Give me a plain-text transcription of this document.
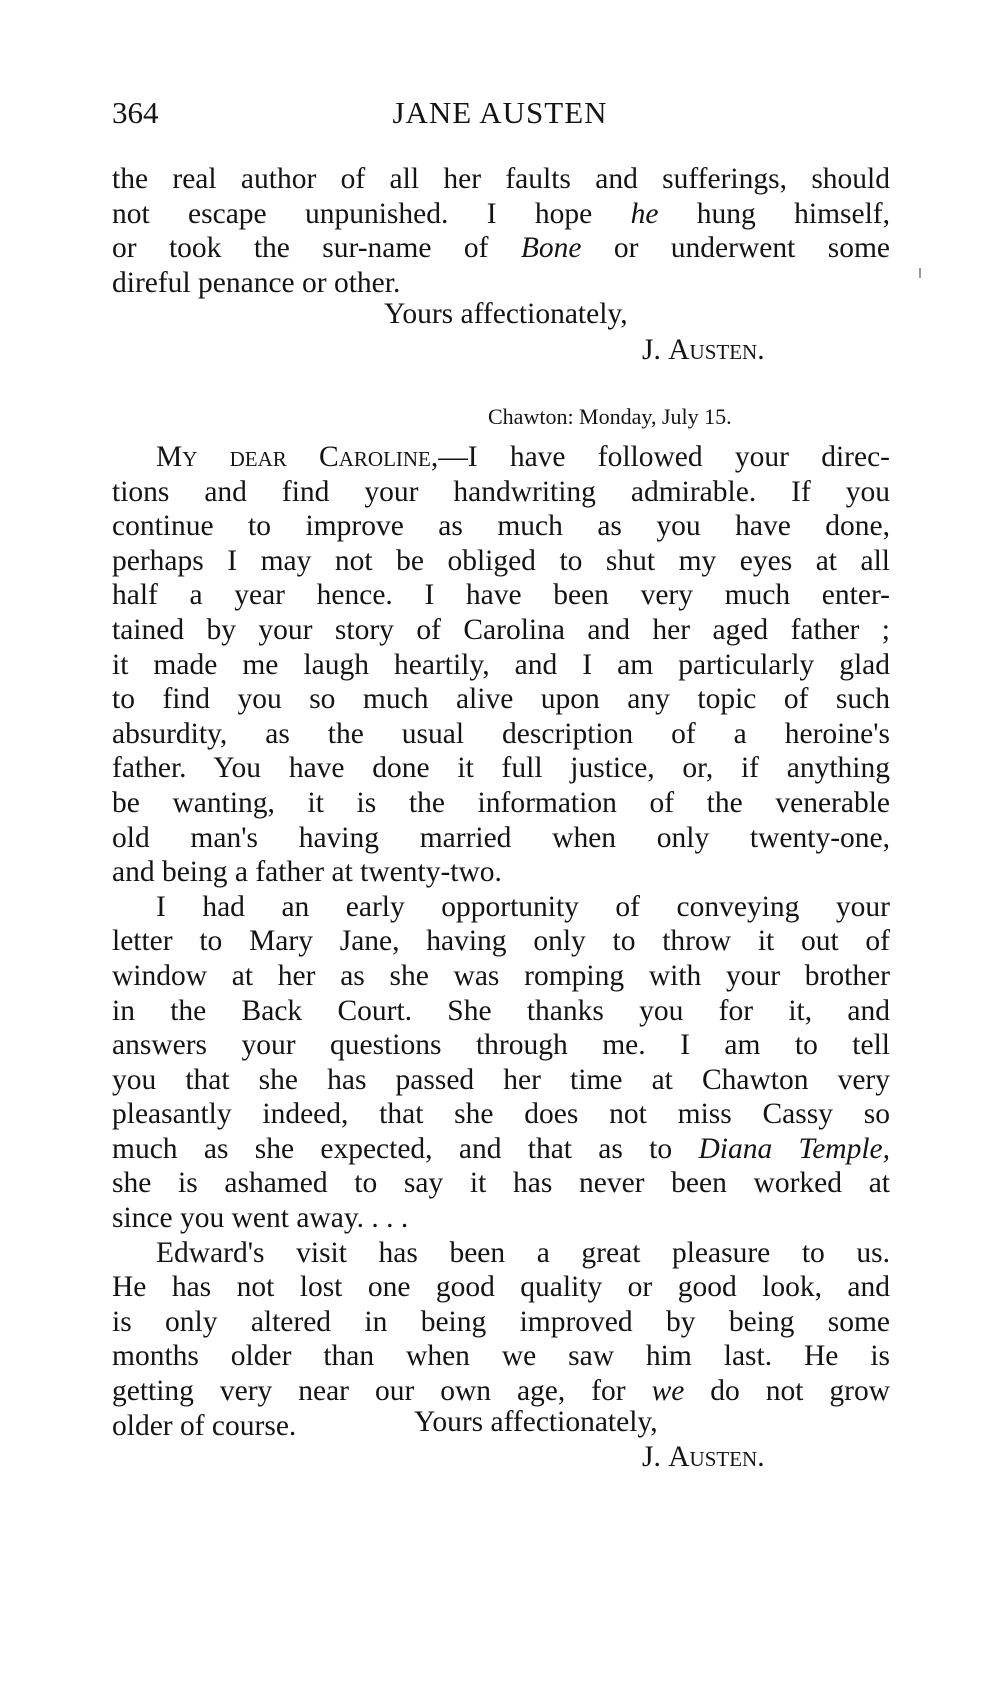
364	JANE AUSTEN
the real author of all her faults and sufferings, should
not escape unpunished. I hope he hung himself,
or took the sur-name of Bone or underwent some
direful penance or other.
Yours affectionately,
J. Austen.
Chawton: Monday, July 15.
My dear Caroline,—I have followed your direc-
tions and find your handwriting admirable. If you
continue to improve as much as you have done,
perhaps I may not be obliged to shut my eyes at all
half a year hence. I have been very much enter-
tained by your story of Carolina and her aged father ;
it made me laugh heartily, and I am particularly glad
to find you so much alive upon any topic of such
absurdity, as the usual description of a heroine's
father. You have done it full justice, or, if anything
be wanting, it is the information of the venerable
old man's having married when only twenty-one,
and being a father at twenty-two.
I had an early opportunity of conveying your
letter to Mary Jane, having only to throw it out of
window at her as she was romping with your brother
in the Back Court. She thanks you for it, and
answers your questions through me. I am to tell
you that she has passed her time at Chawton very
pleasantly indeed, that she does not miss Cassy so
much as she expected, and that as to Diana Temple,
she is ashamed to say it has never been worked at
since you went away. . . .
Edward's visit has been a great pleasure to us.
He has not lost one good quality or good look, and
is only altered in being improved by being some
months older than when we saw him last. He is
getting very near our own age, for we do not grow
older of course.	Yours affectionately,
J. Austen.
